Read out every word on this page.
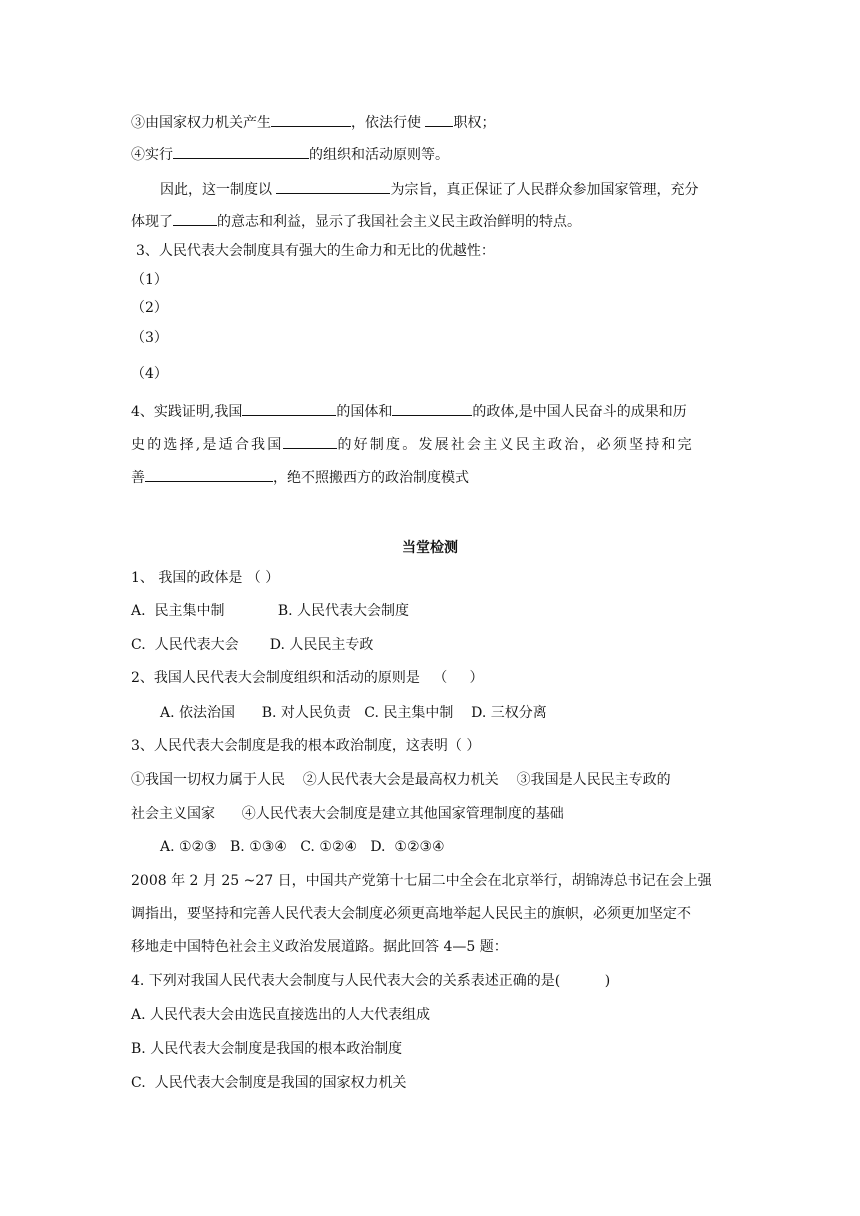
③由国家权力机关产生	，依法行使 职权；
④实行	的组织和活动原则等。
因此，这一制度以	为宗旨，真正保证了人民群众参加国家管理，充分
体现了	的意志和利益，显示了我国社会主义民主政治鲜明的特点。
3、人民代表大会制度具有强大的生命力和无比的优越性：
（1）
（2）
（3）
（4）
4、实践证明,我国	的国体和	的政体,是中国人民奋斗的成果和历
史的选择,是适合我国	的好制度。发展社会主义民主政治，必须坚持和完
善	，绝不照搬西方的政治制度模式
当堂检测
1、 我国的政体是 （ ）
A.  民主集中制            B. 人民代表大会制度
C.  人民代表大会       D. 人民民主专政
2、我国人民代表大会制度组织和活动的原则是   （     ）
A. 依法治国      B. 对人民负责   C. 民主集中制    D. 三权分离
3、人民代表大会制度是我的根本政治制度，这表明（ ）
①我国一切权力属于人民    ②人民代表大会是最高权力机关    ③我国是人民民主专政的
社会主义国家      ④人民代表大会制度是建立其他国家管理制度的基础
A. ①②③   B. ①③④   C. ①②④   D.  ①②③④
2008 年 2 月 25 ~27 日，中国共产党第十七届二中全会在北京举行，胡锦涛总书记在会上强
调指出，要坚持和完善人民代表大会制度必须更高地举起人民民主的旗帜，必须更加坚定不
移地走中国特色社会主义政治发展道路。据此回答 4—5 题：
4. 下列对我国人民代表大会制度与人民代表大会的关系表述正确的是(          )
A. 人民代表大会由选民直接选出的人大代表组成
B. 人民代表大会制度是我国的根本政治制度
C.  人民代表大会制度是我国的国家权力机关
